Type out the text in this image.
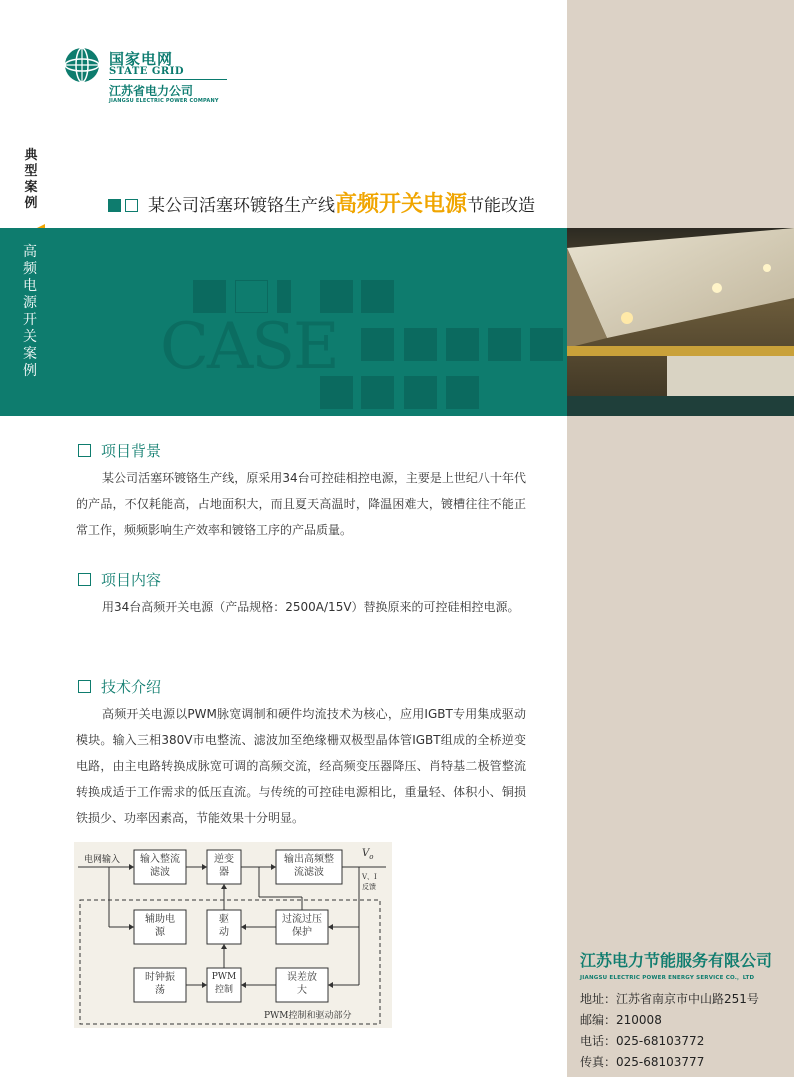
国家电网
STATE GRID
江苏省电力公司
JIANGSU ELECTRIC POWER COMPANY
典型案例	某公司活塞环镀铬生产线高频开关电源节能改造
高频电源开关案例 CASE
项目背景
某公司活塞环镀铬生产线，原采用34台可控硅相控电源，主要是上世纪八十年代的产品，不仅耗能高，占地面积大，而且夏天高温时，降温困难大，镀槽往往不能正常工作，频频影响生产效率和镀铬工序的产品质量。
项目内容
用34台高频开关电源（产品规格：2500A/15V）替换原来的可控硅相控电源。
技术介绍
高频开关电源以PWM脉宽调制和硬件均流技术为核心，应用IGBT专用集成驱动模块。输入三相380V市电整流、滤波加至绝缘栅双极型晶体管IGBT组成的全桥逆变电路，由主电路转换成脉宽可调的高频交流，经高频变压器降压、肖特基二极管整流转换成适于工作需求的低压直流。与传统的可控硅电源相比，重量轻、体积小、铜损铁损少、功率因素高，节能效果十分明显。
电网输入 输入整流滤波
逆变器
输出高频整流滤波
$V_o$
V、I
反馈
辅助电源
驱动
过流过压保护
时钟振荡
PWM控制
误差放大
PWM控制和驱动部分
江苏电力节能服务有限公司
JIANGSU ELECTRIC POWER ENERGY SERVICE CO.，LTD
地址：江苏省南京市中山路251号
邮编：210008
电话：025-68103772
传真：025-68103777
